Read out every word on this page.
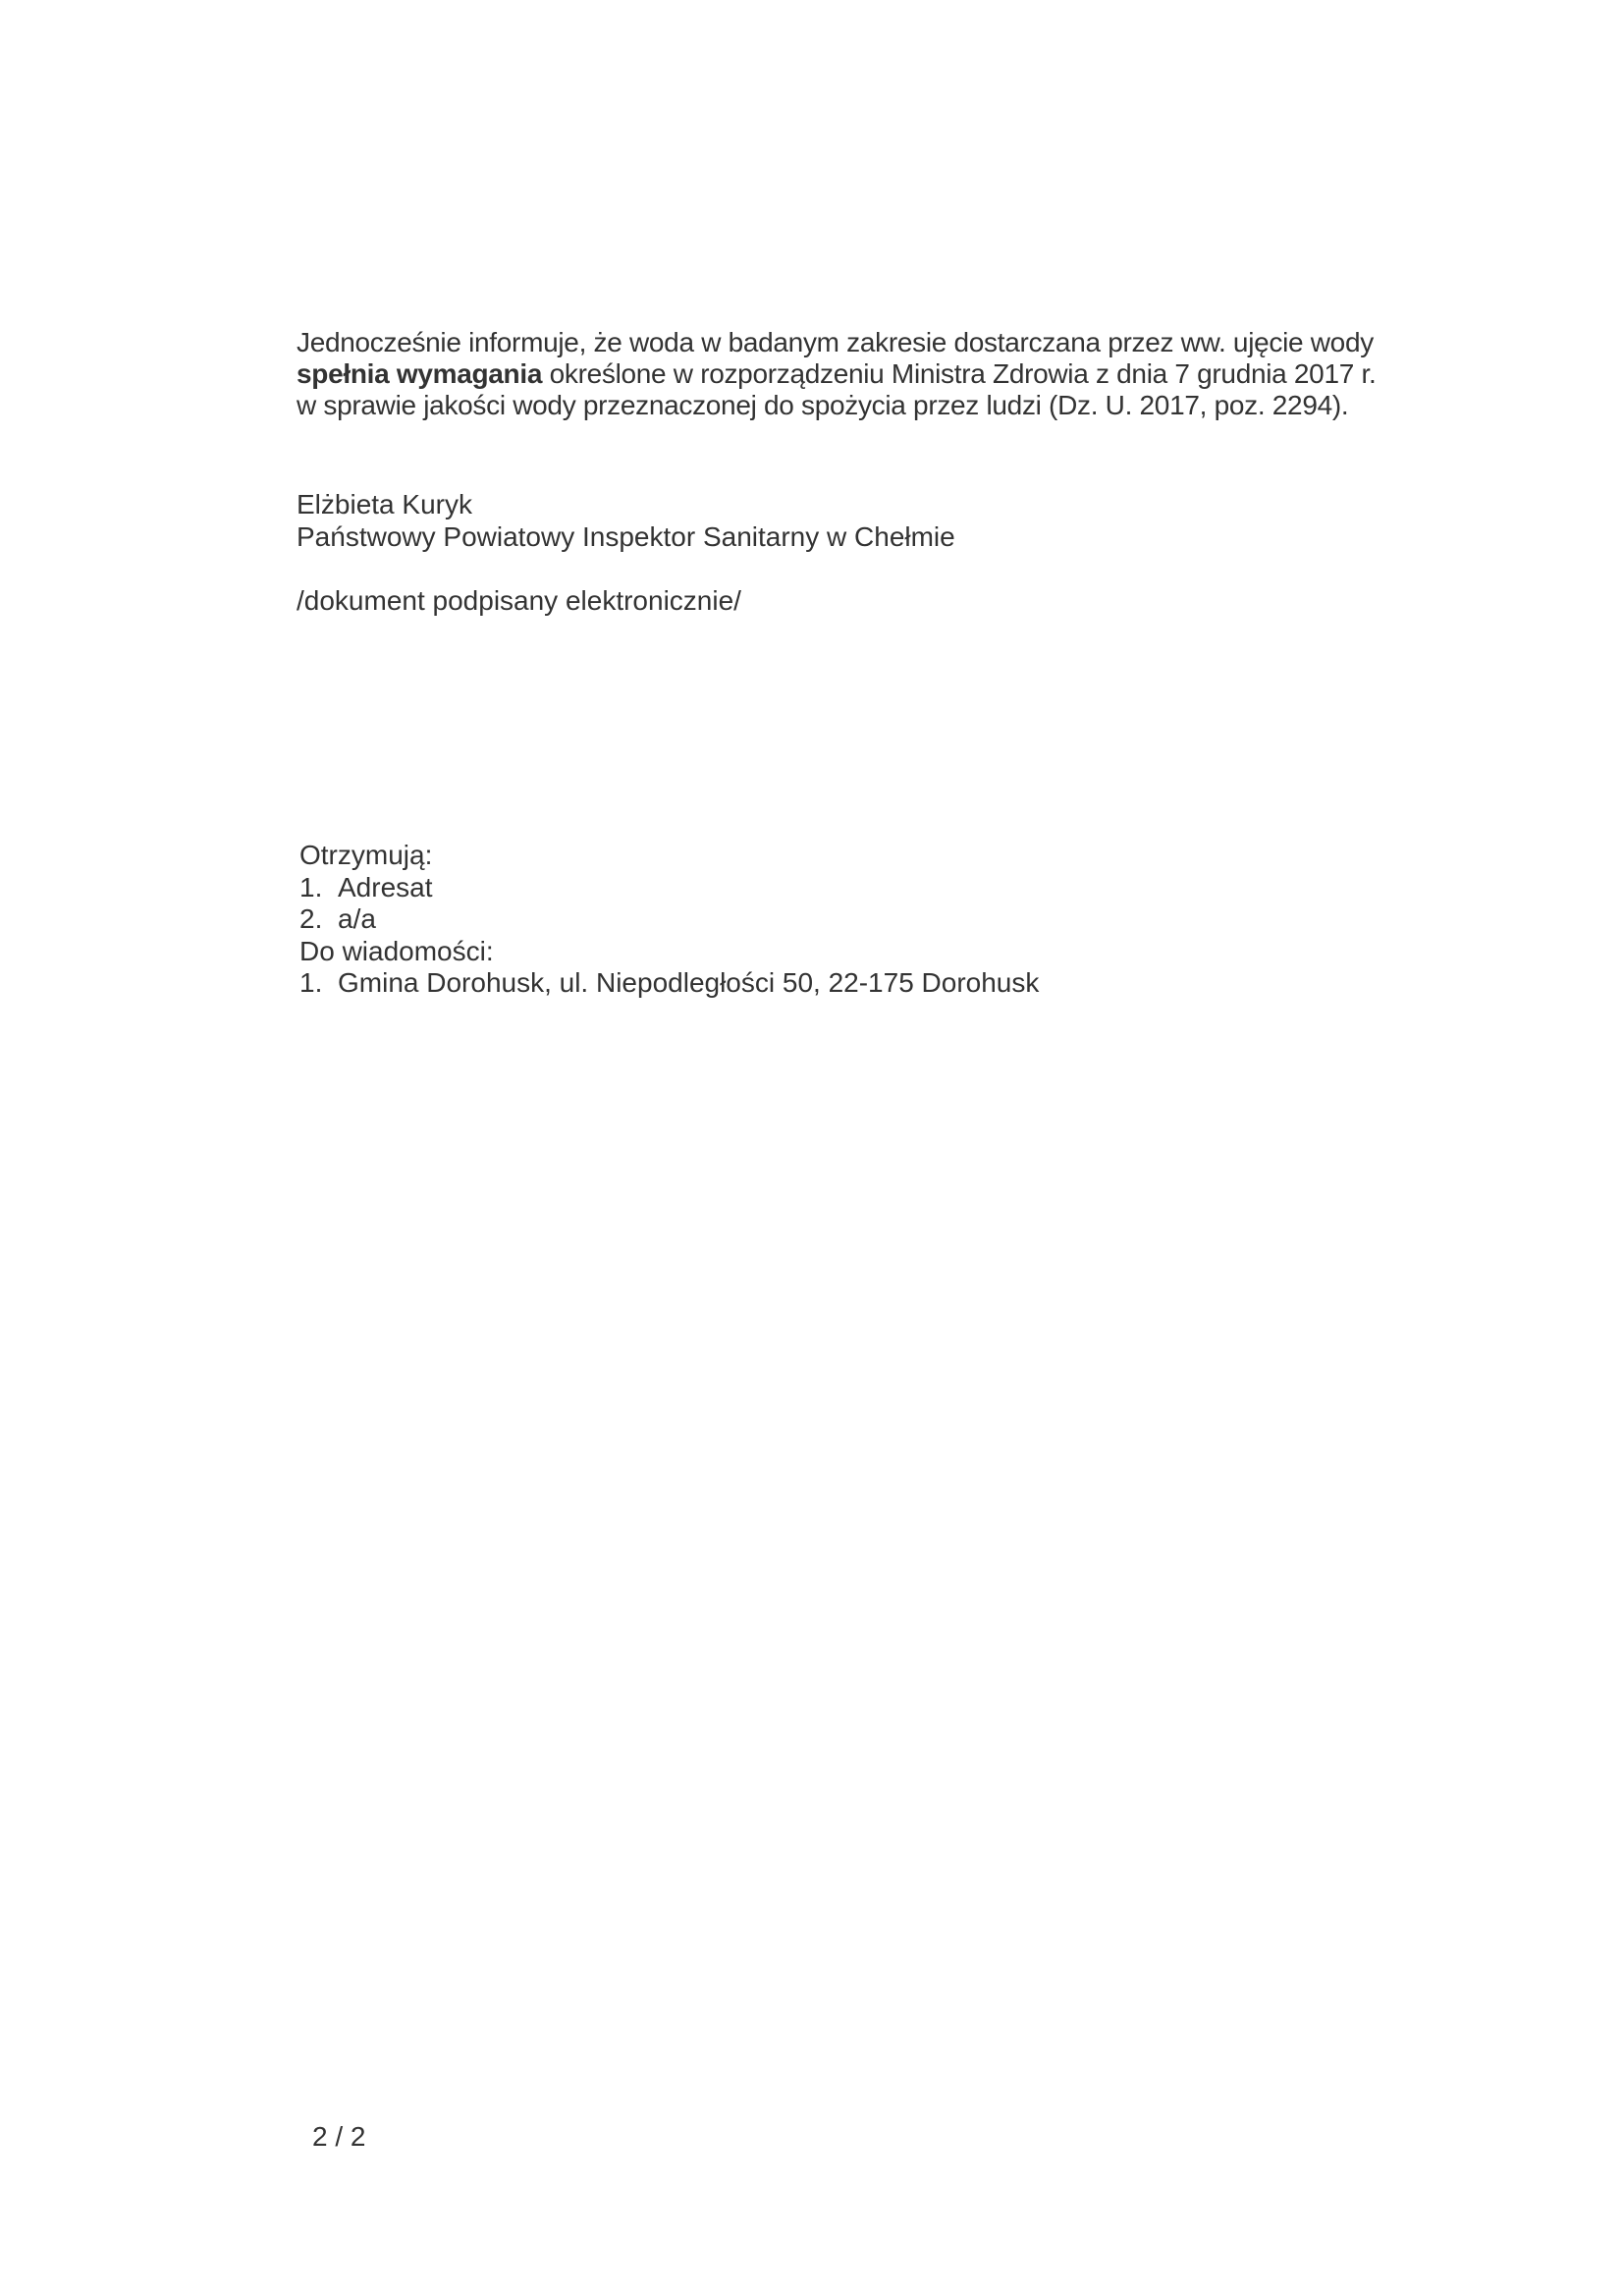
Jednocześnie informuje, że woda w badanym zakresie dostarczana przez ww. ujęcie wody
spełnia wymagania określone w rozporządzeniu Ministra Zdrowia z dnia 7 grudnia 2017 r.
w sprawie jakości wody przeznaczonej do spożycia przez ludzi (Dz. U. 2017, poz. 2294).
Elżbieta Kuryk
Państwowy Powiatowy Inspektor Sanitarny w Chełmie
/dokument podpisany elektronicznie/
Otrzymują:
1. Adresat
2. a/a
Do wiadomości:
1. Gmina Dorohusk, ul. Niepodległości 50, 22-175 Dorohusk
2 / 2
